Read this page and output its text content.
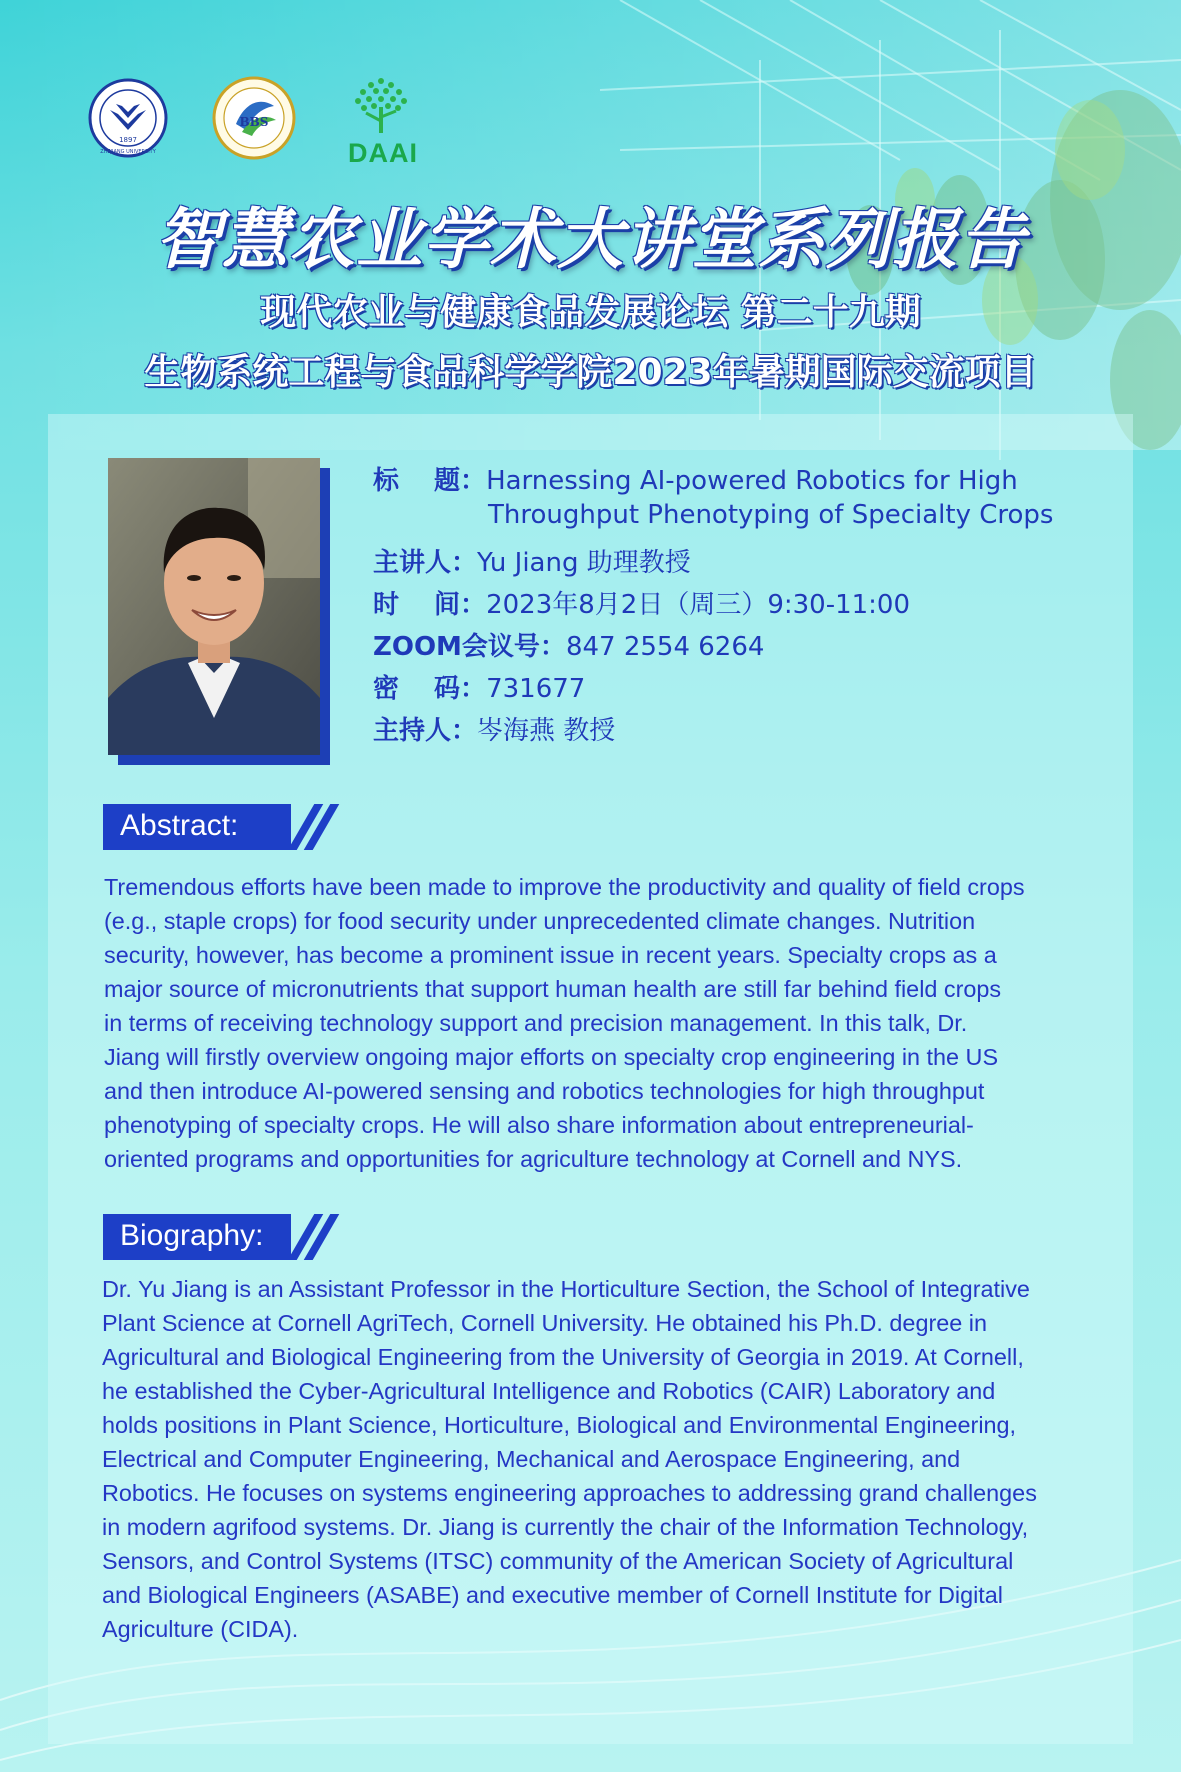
1897
ZHEJIANG UNIVERSITY
BBS
DAAI
智慧农业学术大讲堂系列报告
现代农业与健康食品发展论坛 第二十九期
生物系统工程与食品科学学院2023年暑期国际交流项目
标　 题：Harnessing AI-powered Robotics for High
Throughput Phenotyping of Specialty Crops
主讲人：Yu Jiang 助理教授
时　 间：2023年8月2日（周三）9:30-11:00
ZOOM会议号：847 2554 6264
密　 码：731677
主持人：岑海燕 教授
Abstract:
Tremendous efforts have been made to improve the productivity and quality of field crops
(e.g., staple crops) for food security under unprecedented climate changes. Nutrition
security, however, has become a prominent issue in recent years. Specialty crops as a
major source of micronutrients that support human health are still far behind field crops
in terms of receiving technology support and precision management. In this talk, Dr.
Jiang will firstly overview ongoing major efforts on specialty crop engineering in the US
and then introduce AI-powered sensing and robotics technologies for high throughput
phenotyping of specialty crops. He will also share information about entrepreneurial-
oriented programs and opportunities for agriculture technology at Cornell and NYS.
Biography:
Dr. Yu Jiang is an Assistant Professor in the Horticulture Section, the School of Integrative
Plant Science at Cornell AgriTech, Cornell University. He obtained his Ph.D. degree in
Agricultural and Biological Engineering from the University of Georgia in 2019. At Cornell,
he established the Cyber-Agricultural Intelligence and Robotics (CAIR) Laboratory and
holds positions in Plant Science, Horticulture, Biological and Environmental Engineering,
Electrical and Computer Engineering, Mechanical and Aerospace Engineering, and
Robotics. He focuses on systems engineering approaches to addressing grand challenges
in modern agrifood systems. Dr. Jiang is currently the chair of the Information Technology,
Sensors, and Control Systems (ITSC) community of the American Society of Agricultural
and Biological Engineers (ASABE) and executive member of Cornell Institute for Digital
Agriculture (CIDA).
